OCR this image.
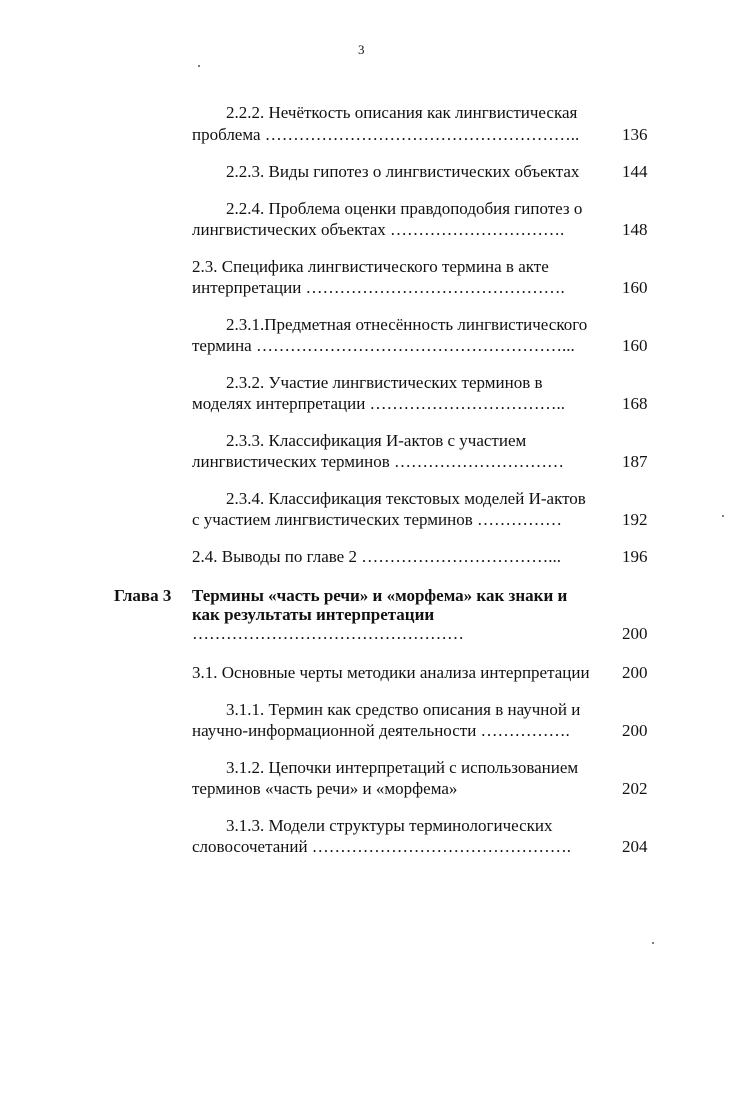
3
2.2.2. Нечёткость описания как лингвистическая
проблема ………………………………………………..	136
2.2.3. Виды гипотез о лингвистических объектах	144
2.2.4. Проблема оценки правдоподобия гипотез о
лингвистических объектах ………………………….	148
2.3. Специфика лингвистического термина в акте
интерпретации ……………………………………….	160
2.3.1.Предметная отнесённость лингвистического
термина ………………………………………………...	160
2.3.2. Участие лингвистических терминов в
моделях интерпретации ……………………………..	168
2.3.3. Классификация И-актов с участием
лингвистических терминов …………………………	187
2.3.4. Классификация текстовых моделей И-актов
с участием лингвистических терминов ……………	192
2.4. Выводы по главе 2 ……………………………...	196
Глава 3 Термины «часть речи» и «морфема» как знаки и
как результаты интерпретации
…………………………………………	200
3.1. Основные черты методики анализа интерпретации 200
3.1.1. Термин как средство описания в научной и
научно-информационной деятельности …………….	200
3.1.2. Цепочки интерпретаций с использованием
терминов «часть речи» и «морфема»	202
3.1.3. Модели структуры терминологических
словосочетаний ……………………………………….	204
